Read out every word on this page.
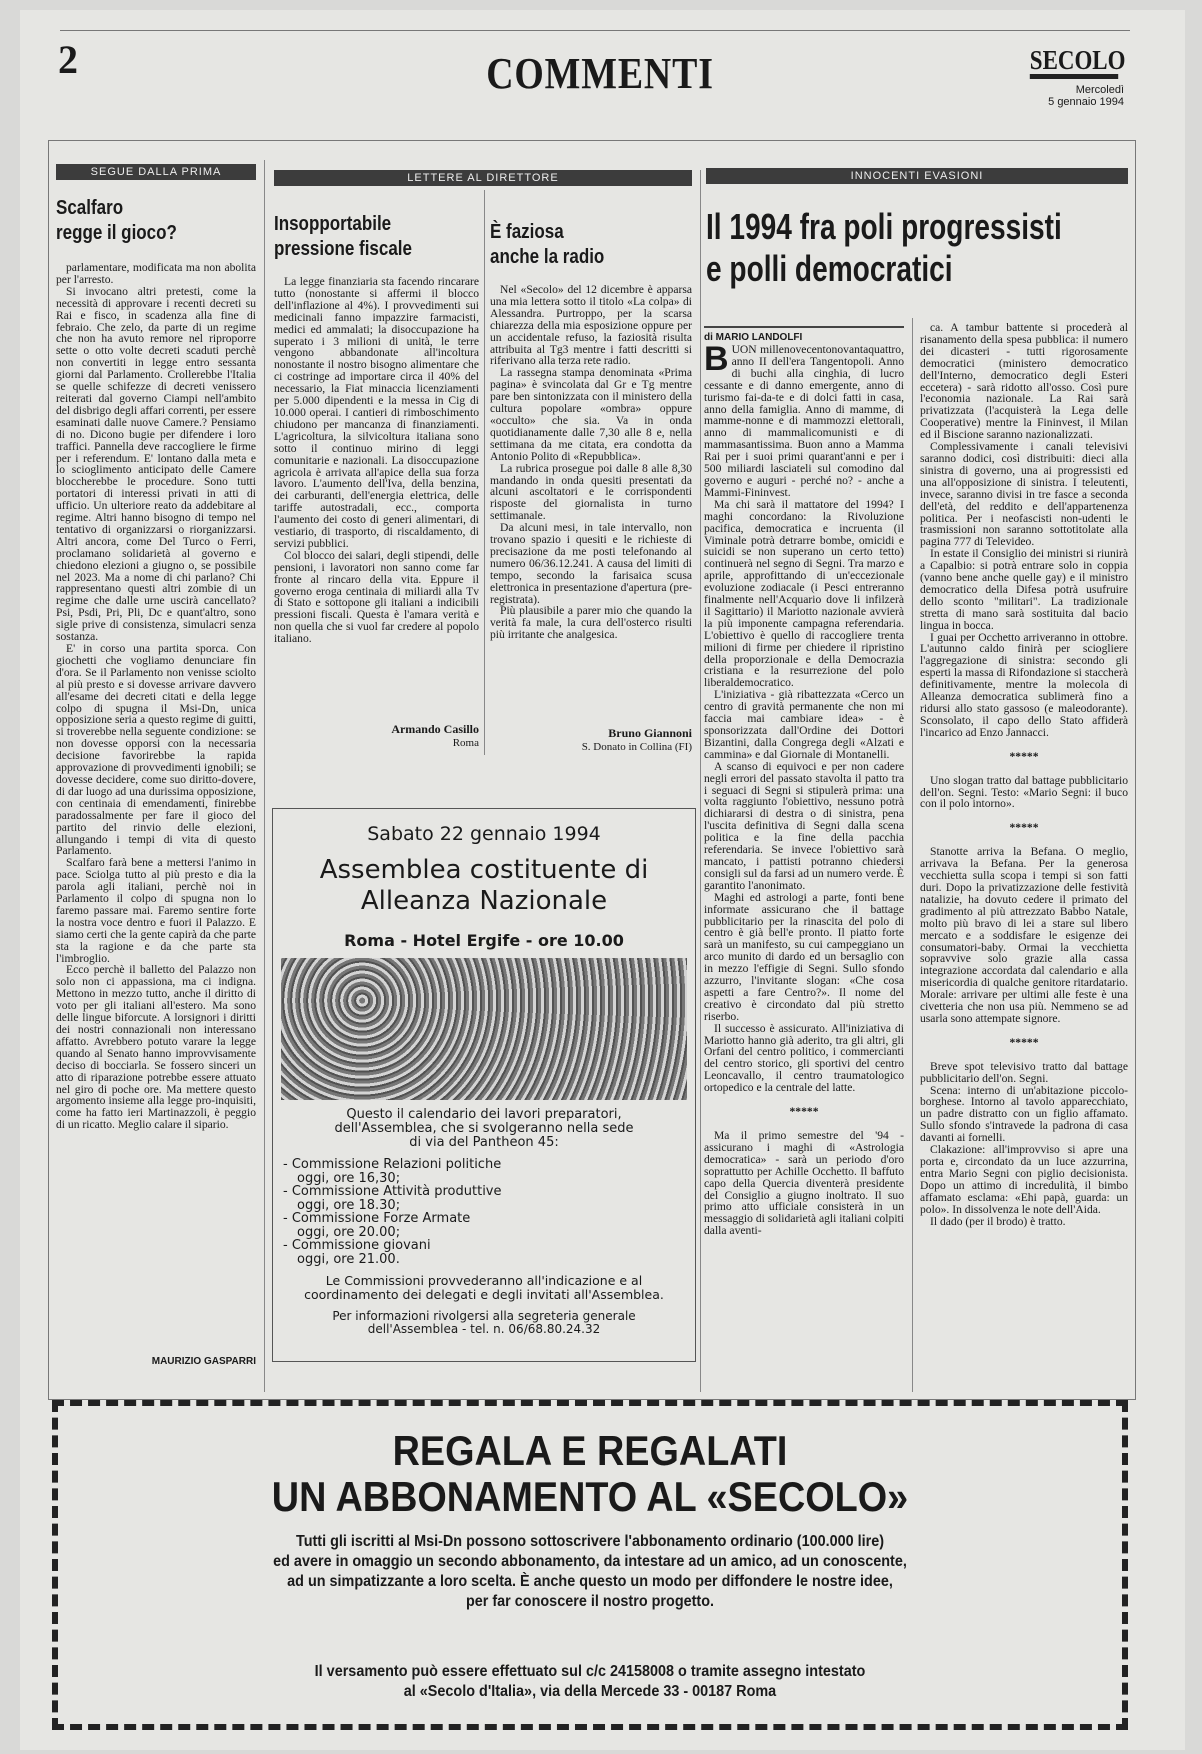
2	COMMENTI	SECOLO
Mercoledì
5 gennaio 1994
SEGUE DALLA PRIMA
Scalfaro
regge il gioco?

parlamentare, modificata ma non abolita per l'arresto.

Si invocano altri pretesti, come la necessità di approvare i recenti decreti su Rai e fisco, in scadenza alla fine di febraio. Che zelo, da parte di un regime che non ha avuto remore nel riproporre sette o otto volte decreti scaduti perchè non convertiti in legge entro sessanta giorni dal Parlamento. Crollerebbe l'Italia se quelle schifezze di decreti venissero reiterati dal governo Ciampi nell'ambito del disbrigo degli affari correnti, per essere esaminati dalle nuove Camere.? Pensiamo di no. Dicono bugie per difendere i loro traffici. Pannella deve raccogliere le firme per i referendum. E' lontano dalla meta e lo scioglimento anticipato delle Camere bloccherebbe le procedure. Sono tutti portatori di interessi privati in atti di ufficio. Un ulteriore reato da addebitare al regime. Altri hanno bisogno di tempo nel tentativo di organizzarsi o riorganizzarsi. Altri ancora, come Del Turco o Ferri, proclamano solidarietà al governo e chiedono elezioni a giugno o, se possibile nel 2023. Ma a nome di chi parlano? Chi rappresentano questi altri zombie di un regime che dalle urne uscirà cancellato? Psi, Psdi, Pri, Pli, Dc e quant'altro, sono sigle prive di consistenza, simulacri senza sostanza.

E' in corso una partita sporca. Con giochetti che vogliamo denunciare fin d'ora. Se il Parlamento non venisse sciolto al più presto e si dovesse arrivare davvero all'esame dei decreti citati e della legge colpo di spugna il Msi-Dn, unica opposizione seria a questo regime di guitti, si troverebbe nella seguente condizione: se non dovesse opporsi con la necessaria decisione favorirebbe la rapida approvazione di provvedimenti ignobili; se dovesse decidere, come suo diritto-dovere, di dar luogo ad una durissima opposizione, con centinaia di emendamenti, finirebbe paradossalmente per fare il gioco del partito del rinvio delle elezioni, allungando i tempi di vita di questo Parlamento.

Scalfaro farà bene a mettersi l'animo in pace. Sciolga tutto al più presto e dia la parola agli italiani, perchè noi in Parlamento il colpo di spugna non lo faremo passare mai. Faremo sentire forte la nostra voce dentro e fuori il Palazzo. E siamo certi che la gente capirà da che parte sta la ragione e da che parte sta l'imbroglio.

Ecco perchè il balletto del Palazzo non solo non ci appassiona, ma ci indigna. Mettono in mezzo tutto, anche il diritto di voto per gli italiani all'estero. Ma sono delle lingue biforcute. A lorsignori i diritti dei nostri connazionali non interessano affatto. Avrebbero potuto varare la legge quando al Senato hanno improvvisamente deciso di bocciarla. Se fossero sinceri un atto di riparazione potrebbe essere attuato nel giro di poche ore. Ma mettere questo argomento insieme alla legge pro-inquisiti, come ha fatto ieri Martinazzoli, è peggio di un ricatto. Meglio calare il sipario.

MAURIZIO GASPARRI
LETTERE AL DIRETTORE
Insopportabile
pressione fiscale

La legge finanziaria sta facendo rincarare tutto (nonostante si affermi il blocco dell'inflazione al 4%). I provvedimenti sui medicinali fanno impazzire farmacisti, medici ed ammalati; la disoccupazione ha superato i 3 milioni di unità, le terre vengono abbandonate all'incoltura nonostante il nostro bisogno alimentare che ci costringe ad importare circa il 40% del necessario, la Fiat minaccia licenziamenti per 5.000 dipendenti e la messa in Cig di 10.000 operai. I cantieri di rimboschimento chiudono per mancanza di finanziamenti. L'agricoltura, la silvicoltura italiana sono sotto il continuo mirino di leggi comunitarie e nazionali. La disoccupazione agricola è arrivata all'apice della sua forza lavoro. L'aumento dell'Iva, della benzina, dei carburanti, dell'energia elettrica, delle tariffe autostradali, ecc., comporta l'aumento dei costo di generi alimentari, di vestiario, di trasporto, di riscaldamento, di servizi pubblici.

Col blocco dei salari, degli stipendi, delle pensioni, i lavoratori non sanno come far fronte al rincaro della vita. Eppure il governo eroga centinaia di miliardi alla Tv di Stato e sottopone gli italiani a indicibili pressioni fiscali. Questa è l'amara verità e non quella che si vuol far credere al popolo italiano.

Armando Casillo
Roma
È faziosa
anche la radio

Nel «Secolo» del 12 dicembre è apparsa una mia lettera sotto il titolo «La colpa» di Alessandra. Purtroppo, per la scarsa chiarezza della mia esposizione oppure per un accidentale refuso, la faziosità risulta attribuita al Tg3 mentre i fatti descritti si riferivano alla terza rete radio.

La rassegna stampa denominata «Prima pagina» è svincolata dal Gr e Tg mentre pare ben sintonizzata con il ministero della cultura popolare «ombra» oppure «occulto» che sia. Va in onda quotidianamente dalle 7,30 alle 8 e, nella settimana da me citata, era condotta da Antonio Polito di «Repubblica».

La rubrica prosegue poi dalle 8 alle 8,30 mandando in onda quesiti presentati da alcuni ascoltatori e le corrispondenti risposte del giornalista in turno settimanale.

Da alcuni mesi, in tale intervallo, non trovano spazio i quesiti e le richieste di precisazione da me posti telefonando al numero 06/36.12.241. A causa del limiti di tempo, secondo la farisaica scusa elettronica in presentazione d'apertura (pre-registrata).

Più plausibile a parer mio che quando la verità fa male, la cura dell'osterco risulti più irritante che analgesica.

Bruno Giannoni
S. Donato in Collina (FI)
Sabato 22 gennaio 1994
Assemblea costituente di
Alleanza Nazionale
Roma - Hotel Ergife - ore 10.00
Questo il calendario dei lavori preparatori,
dell'Assemblea, che si svolgeranno nella sede
di via del Pantheon 45:
- Commissione Relazioni politiche
oggi, ore 16,30;
- Commissione Attività produttive
oggi, ore 18.30;
- Commissione Forze Armate
oggi, ore 20.00;
- Commissione giovani
oggi, ore 21.00.
Le Commissioni provvederanno all'indicazione e al coordinamento dei delegati e degli invitati all'Assemblea.
Per informazioni rivolgersi alla segreteria generale
dell'Assemblea - tel. n. 06/68.80.24.32
INNOCENTI EVASIONI
Il 1994 fra poli progressisti
e polli democratici
di MARIO LANDOLFI
B UON millenovecentonovantaquattro, anno II dell'era Tangentopoli. Anno di buchi alla cinghia, di lucro cessante e di danno emergente, anno di turismo fai-da-te e di dolci fatti in casa, anno della famiglia. Anno di mamme, di mamme-nonne e di mammozzi elettorali, anno di mammalicomunisti e di mammasantissima. Buon anno a Mamma Rai per i suoi primi quarant'anni e per i 500 miliardi lasciateli sul comodino dal governo e auguri - perché no? - anche a Mammi-Fininvest.

Ma chi sarà il mattatore del 1994? I maghi concordano: la Rivoluzione pacifica, democratica e incruenta (il Viminale potrà detrarre bombe, omicidi e suicidi se non superano un certo tetto) continuerà nel segno di Segni. Tra marzo e aprile, approfittando di un'eccezionale evoluzione zodiacale (i Pesci entreranno finalmente nell'Acquario dove li infilzerà il Sagittario) il Mariotto nazionale avvierà la più imponente campagna referendaria. L'obiettivo è quello di raccogliere trenta milioni di firme per chiedere il ripristino della proporzionale e della Democrazia cristiana e la resurrezione del polo liberaldemocratico.

L'iniziativa - già ribattezzata «Cerco un centro di gravità permanente che non mi faccia mai cambiare idea» - è sponsorizzata dall'Ordine dei Dottori Bizantini, dalla Congrega degli «Alzati e cammina» e dal Giornale di Montanelli.

A scanso di equivoci e per non cadere negli errori del passato stavolta il patto tra i seguaci di Segni si stipulerà prima: una volta raggiunto l'obiettivo, nessuno potrà dichiararsi di destra o di sinistra, pena l'uscita definitiva di Segni dalla scena politica e la fine della pacchia referendaria. Se invece l'obiettivo sarà mancato, i pattisti potranno chiedersi consigli sul da farsi ad un numero verde. È garantito l'anonimato.

Maghi ed astrologi a parte, fonti bene informate assicurano che il battage pubblicitario per la rinascita del polo di centro è già bell'e pronto. Il piatto forte sarà un manifesto, su cui campeggiano un arco munito di dardo ed un bersaglio con in mezzo l'effigie di Segni. Sullo sfondo azzurro, l'invitante slogan: «Che cosa aspetti a fare Centro?». Il nome del creativo è circondato dal più stretto riserbo.

Il successo è assicurato. All'iniziativa di Mariotto hanno già aderito, tra gli altri, gli Orfani del centro politico, i commercianti del centro storico, gli sportivi del centro Leoncavallo, il centro traumatologico ortopedico e la centrale del latte.

*****

Ma il primo semestre del '94 - assicurano i maghi di «Astrologia democratica» - sarà un periodo d'oro soprattutto per Achille Occhetto. Il baffuto capo della Quercia diventerà presidente del Consiglio a giugno inoltrato. Il suo primo atto ufficiale consisterà in un messaggio di solidarietà agli italiani colpiti dalla aventi-

ca. A tambur battente si procederà al risanamento della spesa pubblica: il numero dei dicasteri - tutti rigorosamente democratici (ministero democratico dell'Interno, democratico degli Esteri eccetera) - sarà ridotto all'osso. Così pure l'economia nazionale. La Rai sarà privatizzata (l'acquisterà la Lega delle Cooperative) mentre la Fininvest, il Milan ed il Biscione saranno nazionalizzati.

Complessivamente i canali televisivi saranno dodici, così distribuiti: dieci alla sinistra di governo, una ai progressisti ed una all'opposizione di sinistra. I teleutenti, invece, saranno divisi in tre fasce a seconda dell'età, del reddito e dell'appartenenza politica. Per i neofascisti non-udenti le trasmissioni non saranno sottotitolate alla pagina 777 di Televideo.

In estate il Consiglio dei ministri si riunirà a Capalbio: si potrà entrare solo in coppia (vanno bene anche quelle gay) e il ministro democratico della Difesa potrà usufruire dello sconto "militari". La tradizionale stretta di mano sarà sostituita dal bacio lingua in bocca.

I guai per Occhetto arriveranno in ottobre. L'autunno caldo finirà per sciogliere l'aggregazione di sinistra: secondo gli esperti la massa di Rifondazione si staccherà definitivamente, mentre la molecola di Alleanza democratica sublimerà fino a ridursi allo stato gassoso (e maleodorante). Sconsolato, il capo dello Stato affiderà l'incarico ad Enzo Jannacci.

*****

Uno slogan tratto dal battage pubblicitario dell'on. Segni. Testo: «Mario Segni: il buco con il polo intorno».

*****

Stanotte arriva la Befana. O meglio, arrivava la Befana. Per la generosa vecchietta sulla scopa i tempi si son fatti duri. Dopo la privatizzazione delle festività natalizie, ha dovuto cedere il primato del gradimento al più attrezzato Babbo Natale, molto più bravo di lei a stare sul libero mercato e a soddisfare le esigenze dei consumatori-baby. Ormai la vecchietta sopravvive solo grazie alla cassa integrazione accordata dal calendario e alla misericordia di qualche genitore ritardatario. Morale: arrivare per ultimi alle feste è una civetteria che non usa più. Nemmeno se ad usarla sono attempate signore.

*****

Breve spot televisivo tratto dal battage pubblicitario dell'on. Segni.

Scena: interno di un'abitazione piccolo-borghese. Intorno al tavolo apparecchiato, un padre distratto con un figlio affamato. Sullo sfondo s'intravede la padrona di casa davanti ai fornelli.

Clakazione: all'improvviso si apre una porta e, circondato da un luce azzurrina, entra Mario Segni con piglio decisionista. Dopo un attimo di incredulità, il bimbo affamato esclama: «Ehi papà, guarda: un polo». In dissolvenza le note dell'Aida.

Il dado (per il brodo) è tratto.

REGALA E REGALATI
UN ABBONAMENTO AL «SECOLO»
Tutti gli iscritti al Msi-Dn possono sottoscrivere l'abbonamento ordinario (100.000 lire)
ed avere in omaggio un secondo abbonamento, da intestare ad un amico, ad un conoscente,
ad un simpatizzante a loro scelta. È anche questo un modo per diffondere le nostre idee,
per far conoscere il nostro progetto.
Il versamento può essere effettuato sul c/c 24158008 o tramite assegno intestato
al «Secolo d'Italia», via della Mercede 33 - 00187 Roma
